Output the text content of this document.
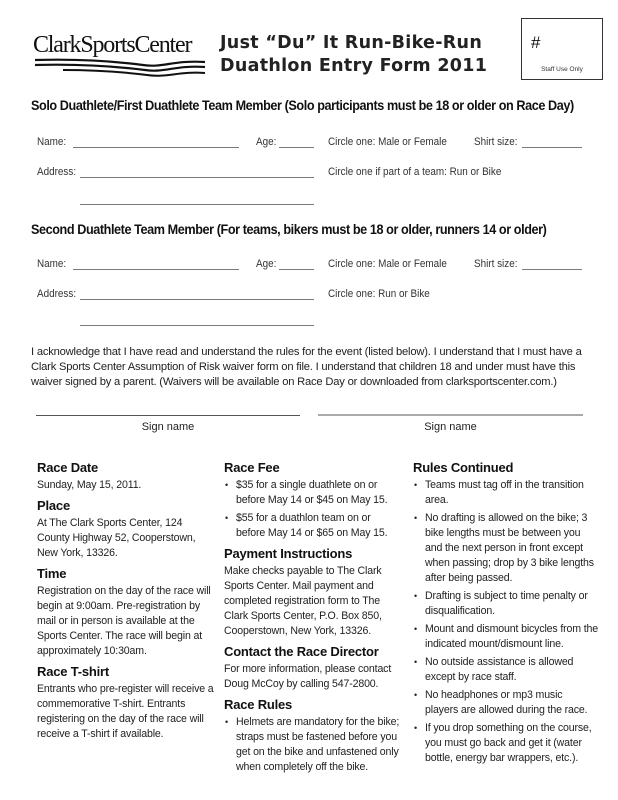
ClarkSportsCenter Just “Du” It Run-Bike-Run
Duathlon Entry Form 2011
#
Staff Use Only
Solo Duathlete/First Duathlete Team Member (Solo participants must be 18 or older on Race Day)
Name:	Age:	Circle one: Male or Female Shirt size:
Address:	Circle one if part of a team: Run or Bike
Second Duathlete Team Member (For teams, bikers must be 18 or older, runners 14 or older)
Name:	Age:	Circle one: Male or Female Shirt size:
Address:	Circle one: Run or Bike

I acknowledge that I have read and understand the rules for the event (listed below). I understand that I must have a Clark Sports Center Assumption of Risk waiver form on file. I understand that children 18 and under must have this waiver signed by a parent. (Waivers will be available on Race Day or downloaded from clarksportscenter.com.)

Sign name	Sign name
Race Date

Sunday, May 15, 2011.

Place

At The Clark Sports Center, 124 County Highway 52, Cooperstown, New York, 13326.

Time

Registration on the day of the race will begin at 9:00am. Pre-registration by mail or in person is available at the Sports Center. The race will begin at approximately 10:30am.

Race T-shirt

Entrants who pre-register will receive a commemorative T-shirt. Entrants registering on the day of the race will receive a T-shirt if available.

Race Fee
• $35 for a single duathlete on or before May 14 or $45 on May 15.
• $55 for a duathlon team on or before May 14 or $65 on May 15.
Payment Instructions

Make checks payable to The Clark Sports Center. Mail payment and completed registration form to The Clark Sports Center, P.O. Box 850, Cooperstown, New York, 13326.

Contact the Race Director

For more information, please contact Doug McCoy by calling 547-2800.

Race Rules
• Helmets are mandatory for the bike; straps must be fastened before you get on the bike and unfastened only when completely off the bike.
Rules Continued
• Teams must tag off in the transition area.
• No drafting is allowed on the bike; 3 bike lengths must be between you and the next person in front except when passing; drop by 3 bike lengths after being passed.
• Drafting is subject to time penalty or disqualification.
• Mount and dismount bicycles from the indicated mount/dismount line.
• No outside assistance is allowed except by race staff.
• No headphones or mp3 music players are allowed during the race.
• If you drop something on the course, you must go back and get it (water bottle, energy bar wrappers, etc.).
